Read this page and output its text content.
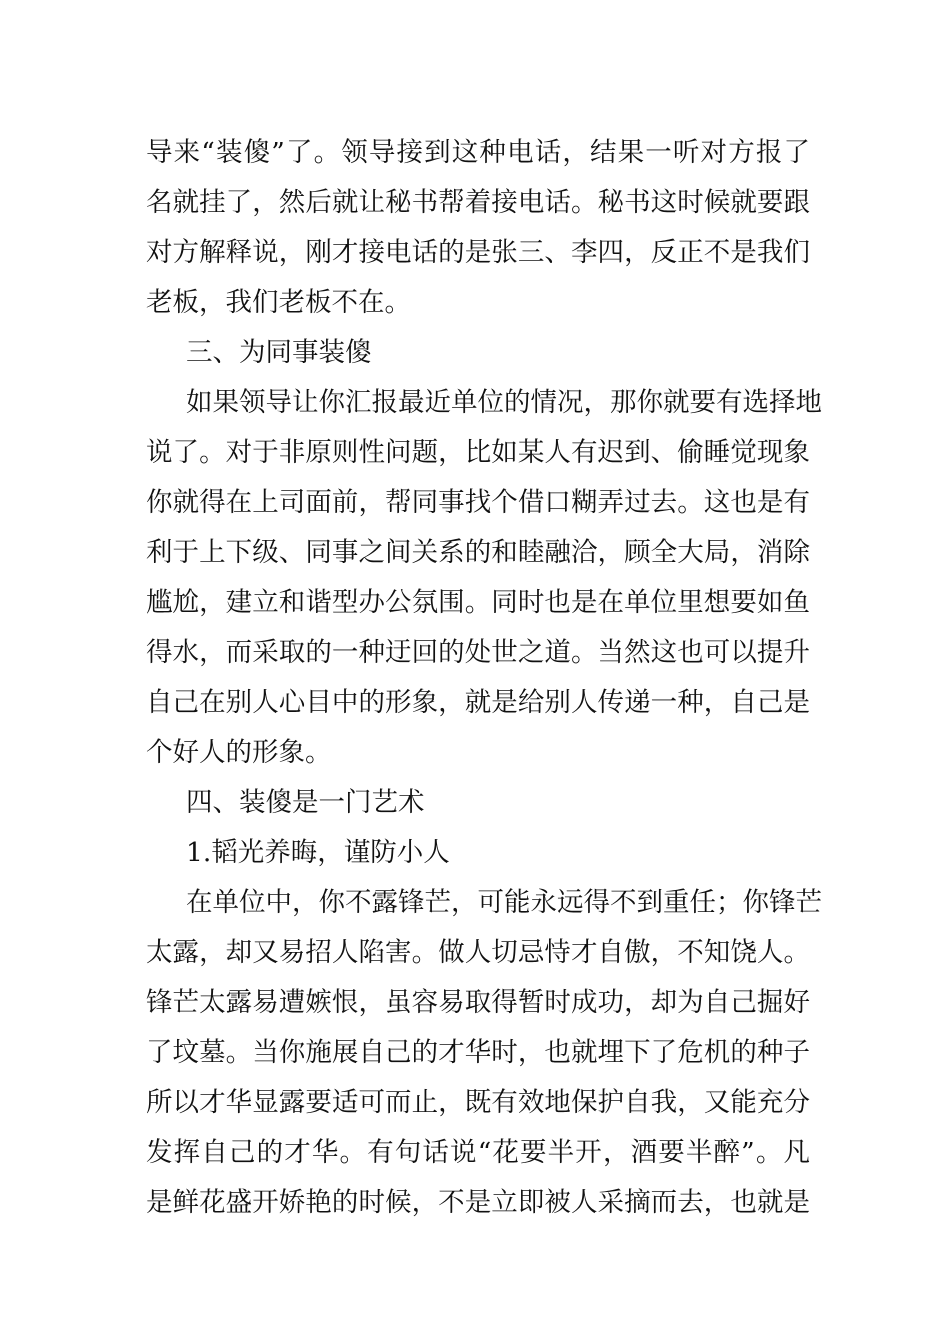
导来“装傻”了。领导接到这种电话，结果一听对方报了
名就挂了，然后就让秘书帮着接电话。秘书这时候就要跟
对方解释说，刚才接电话的是张三、李四，反正不是我们
老板，我们老板不在。
三、为同事装傻
如果领导让你汇报最近单位的情况，那你就要有选择地
说了。对于非原则性问题，比如某人有迟到、偷睡觉现象
你就得在上司面前，帮同事找个借口糊弄过去。这也是有
利于上下级、同事之间关系的和睦融洽，顾全大局，消除
尴尬，建立和谐型办公氛围。同时也是在单位里想要如鱼
得水，而采取的一种迂回的处世之道。当然这也可以提升
自己在别人心目中的形象，就是给别人传递一种，自己是
个好人的形象。
四、装傻是一门艺术
1.韬光养晦，谨防小人
在单位中，你不露锋芒，可能永远得不到重任；你锋芒
太露，却又易招人陷害。做人切忌恃才自傲，不知饶人。
锋芒太露易遭嫉恨，虽容易取得暂时成功，却为自己掘好
了坟墓。当你施展自己的才华时，也就埋下了危机的种子
所以才华显露要适可而止，既有效地保护自我，又能充分
发挥自己的才华。有句话说“花要半开，酒要半醉”。凡
是鲜花盛开娇艳的时候，不是立即被人采摘而去，也就是
